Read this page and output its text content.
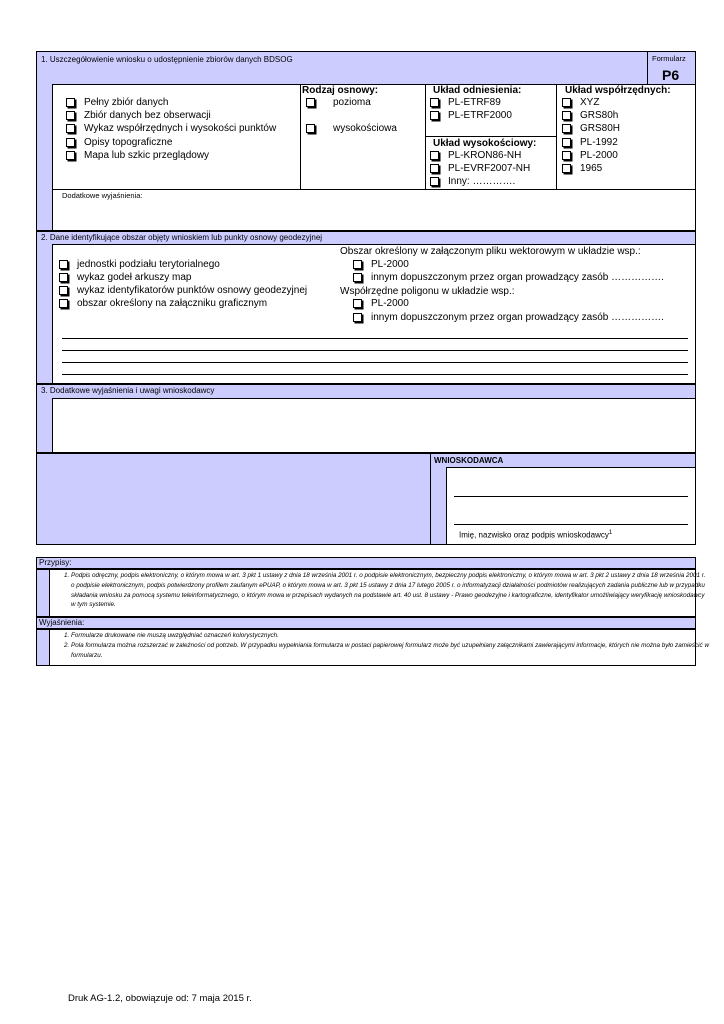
Formularz
P6
1. Uszczegółowienie wniosku o udostępnienie zbiorów danych BDSOG
Pełny zbiór danych
Zbiór danych bez obserwacji
Wykaz współrzędnych i wysokości punktów
Opisy topograficzne
Mapa lub szkic przeglądowy
Rodzaj osnowy:
pozioma
wysokościowa
Układ odniesienia:
PL-ETRF89
PL-ETRF2000
Układ wysokościowy:
PL-KRON86-NH
PL-EVRF2007-NH
Inny: ………….
Układ współrzędnych:
XYZ
GRS80h
GRS80H
PL-1992
PL-2000
1965
Dodatkowe wyjaśnienia:
2. Dane identyfikujące obszar objęty wnioskiem lub punkty osnowy geodezyjnej
jednostki podziału terytorialnego
wykaz godeł arkuszy map
wykaz identyfikatorów punktów osnowy geodezyjnej
obszar określony na załączniku graficznym
Obszar określony w załączonym pliku wektorowym w układzie wsp.:
PL-2000
innym dopuszczonym przez organ prowadzący zasób …………….
Współrzędne poligonu w układzie wsp.:
PL-2000
innym dopuszczonym przez organ prowadzący zasób …………….
3. Dodatkowe wyjaśnienia i uwagi wnioskodawcy
WNIOSKODAWCA
Imię, nazwisko oraz podpis wnioskodawcy$^1$
Przypisy:
1. Podpis odręczny, podpis elektroniczny, o którym mowa w art. 3 pkt 1 ustawy z dnia 18 września 2001 r. o podpisie elektronicznym, bezpieczny podpis elektroniczny, o którym mowa w art. 3 pkt 2 ustawy z dnia 18 września 2001 r. o podpisie elektronicznym, podpis potwierdzony profilem zaufanym ePUAP, o którym mowa w art. 3 pkt 15 ustawy z dnia 17 lutego 2005 r. o informatyzacji działalności podmiotów realizujących zadania publiczne lub w przypadku składania wniosku za pomocą systemu teleinformatycznego, o którym mowa w przepisach wydanych na podstawie art. 40 ust. 8 ustawy - Prawo geodezyjne i kartograficzne, identyfikator umożliwiający weryfikację wnioskodawcy w tym systemie.
Wyjaśnienia:
1. Formularze drukowane nie muszą uwzględniać oznaczeń kolorystycznych.
2. Pola formularza można rozszerzać w zależności od potrzeb. W przypadku wypełniania formularza w postaci papierowej formularz może być uzupełniany załącznikami zawierającymi informacje, których nie można było zamieścić w formularzu.
Druk AG-1.2, obowiązuje od: 7 maja 2015 r.
